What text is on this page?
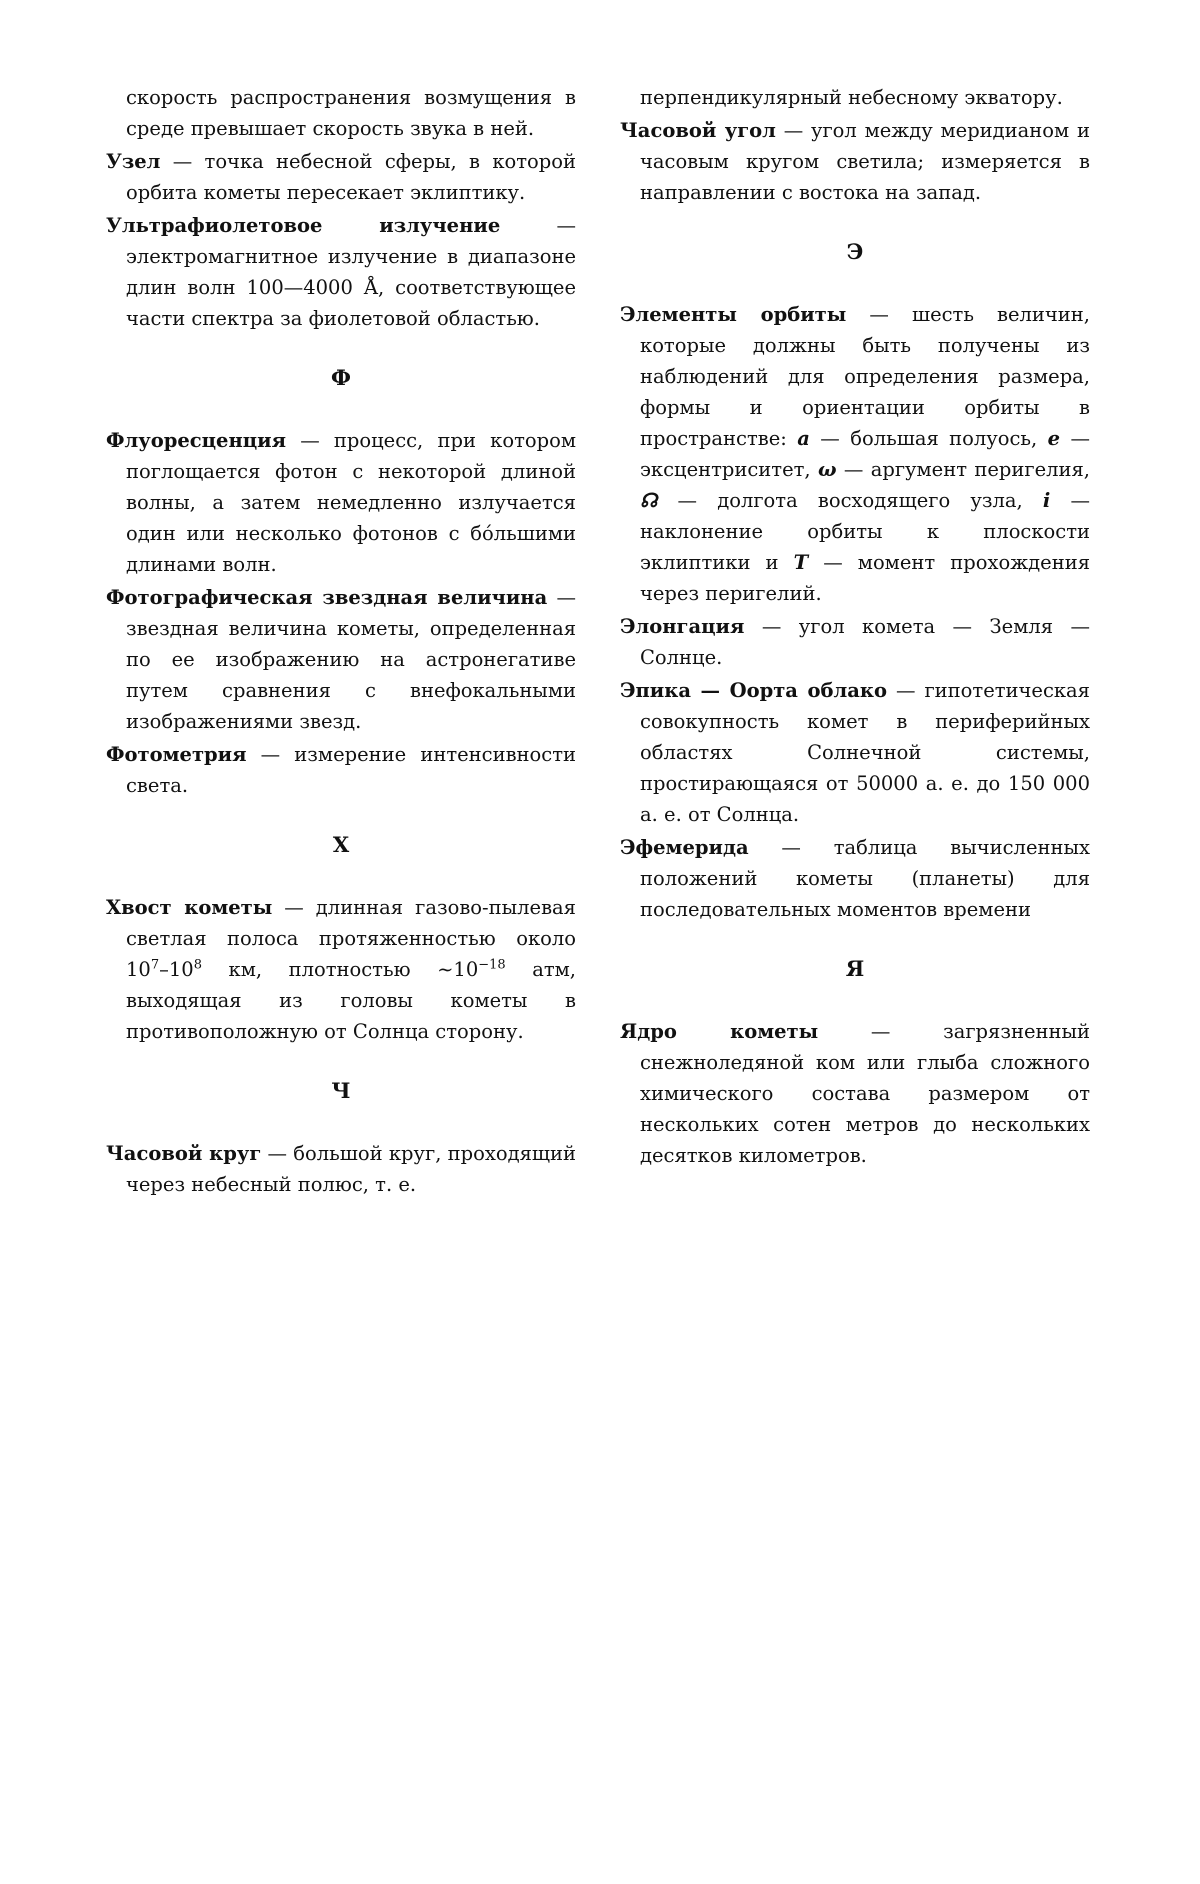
скорость распространения возмущения в среде превышает скорость звука в ней.

Узел — точка небесной сферы, в которой орбита кометы пересекает эклиптику.

Ультрафиолетовое излучение — электромагнитное излучение в диапазоне длин волн 100—4000 Å, соответствующее части спектра за фиолетовой областью.

Ф

Флуоресценция — процесс, при котором поглощается фотон с некоторой длиной волны, а затем немедленно излучается один или несколько фотонов с бо́льшими длинами волн.

Фотографическая звездная величина — звездная величина кометы, определенная по ее изображению на астронегативе путем сравнения с внефокальными изображениями звезд.

Фотометрия — измерение интенсивности света.

Х

Хвост кометы — длинная газово-пылевая светлая полоса протяженностью около $10^7-10^8$ км, плотностью $\sim 10^{-18}$ атм, выходящая из головы кометы в противоположную от Солнца сторону.

Ч

Часовой круг — большой круг, проходящий через небесный полюс, т. е.

перпендикулярный небесному экватору.

Часовой угол — угол между меридианом и часовым кругом светила; измеряется в направлении с востока на запад.

Э

Элементы орбиты — шесть величин, которые должны быть получены из наблюдений для определения размера, формы и ориентации орбиты в пространстве: a — большая полуось, e — эксцентриситет, ω — аргумент перигелия, ☊ — долгота восходящего узла, i — наклонение орбиты к плоскости эклиптики и T — момент прохождения через перигелий.

Элонгация — угол комета — Земля — Солнце.

Эпика — Оорта облако — гипотетическая совокупность комет в периферийных областях Солнечной системы, простирающаяся от 50000 а. е. до 150 000 а. е. от Солнца.

Эфемерида — таблица вычисленных положений кометы (планеты) для последовательных моментов времени

Я

Ядро кометы — загрязненный снежноледяной ком или глыба сложного химического состава размером от нескольких сотен метров до нескольких десятков километров.
